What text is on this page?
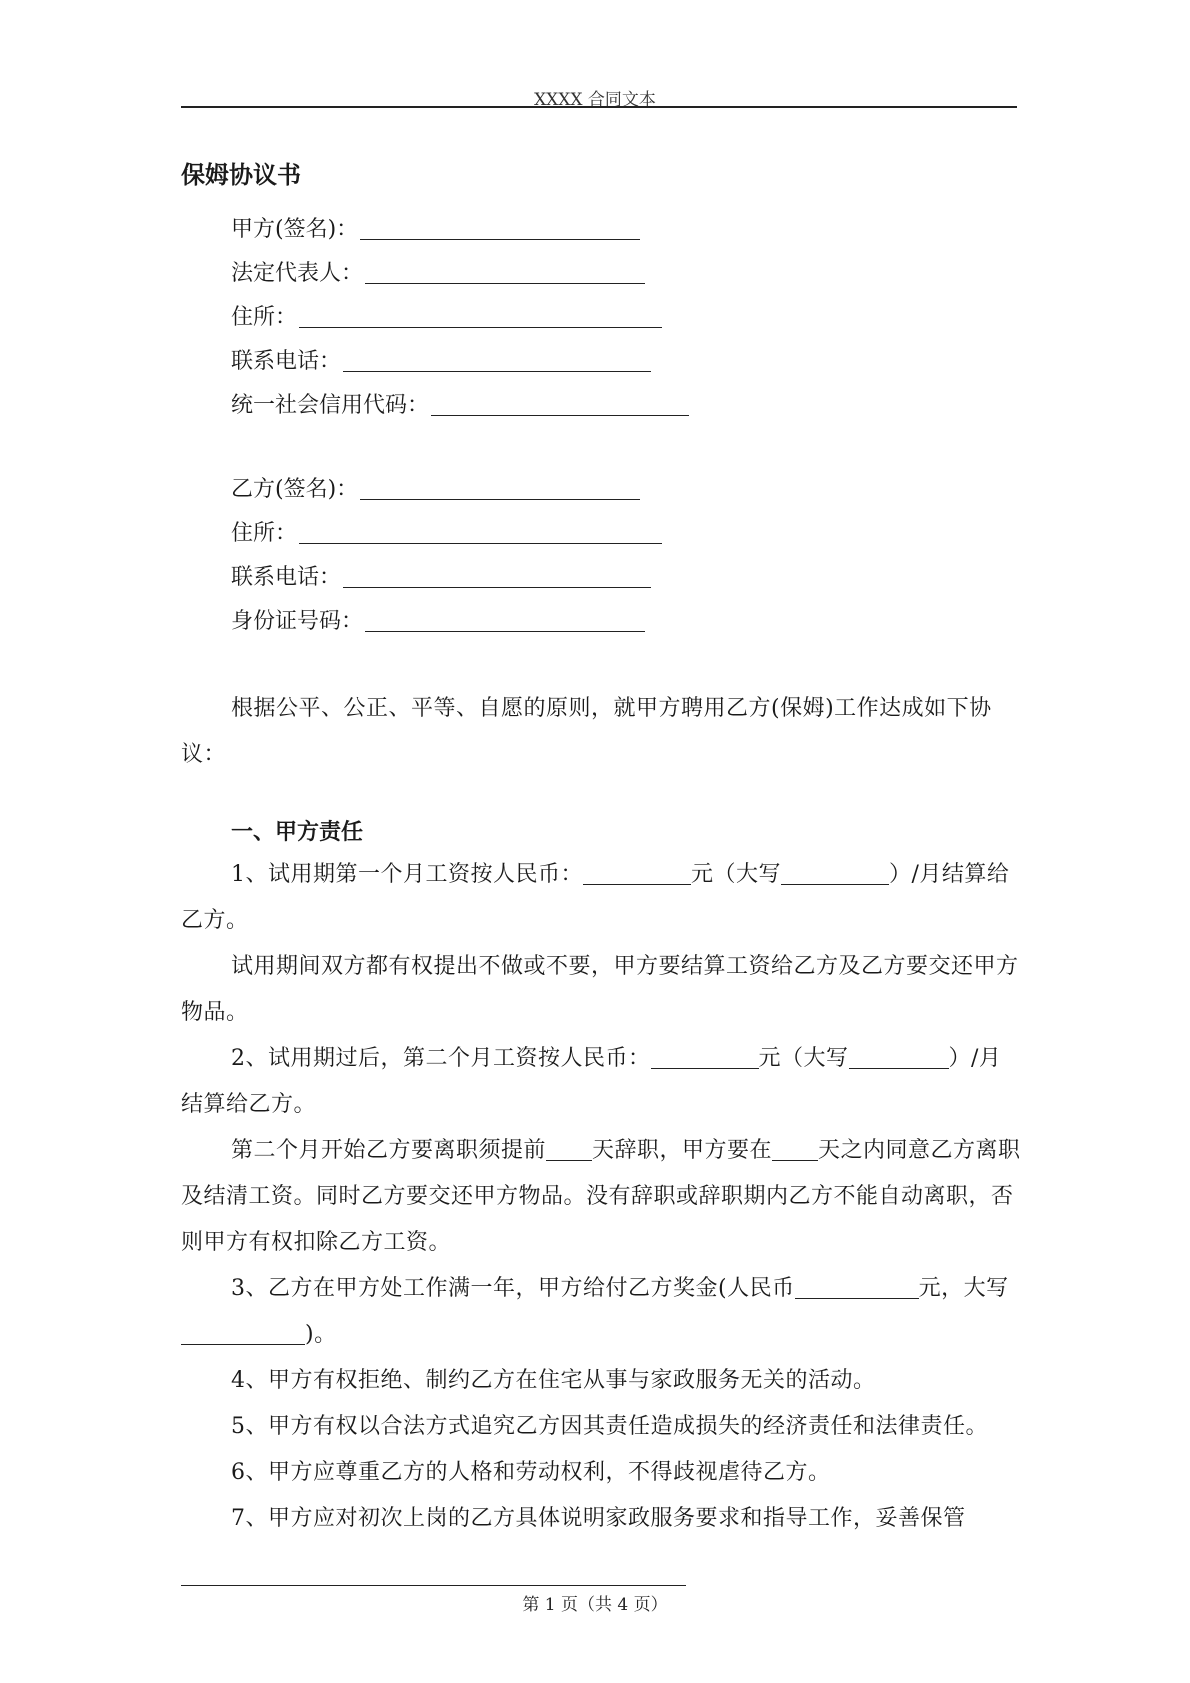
XXXX 合同文本
保姆协议书
甲方(签名)：
法定代表人：
住所：
联系电话：
统一社会信用代码：
乙方(签名)：
住所：
联系电话：
身份证号码：
根据公平、公正、平等、自愿的原则，就甲方聘用乙方(保姆)工作达成如下协议：
一、甲方责任
1、试用期第一个月工资按人民币：	元（大写	）/月结算给乙方。
试用期间双方都有权提出不做或不要，甲方要结算工资给乙方及乙方要交还甲方物品。
2、试用期过后，第二个月工资按人民币：	元（大写	）/月结算给乙方。
第二个月开始乙方要离职须提前 天辞职，甲方要在 天之内同意乙方离职及结清工资。同时乙方要交还甲方物品。没有辞职或辞职期内乙方不能自动离职，否则甲方有权扣除乙方工资。
3、乙方在甲方处工作满一年，甲方给付乙方奖金(人民币	元，大写)。
4、甲方有权拒绝、制约乙方在住宅从事与家政服务无关的活动。
5、甲方有权以合法方式追究乙方因其责任造成损失的经济责任和法律责任。
6、甲方应尊重乙方的人格和劳动权利，不得歧视虐待乙方。
7、甲方应对初次上岗的乙方具体说明家政服务要求和指导工作，妥善保管
第 1 页（共 4 页）
